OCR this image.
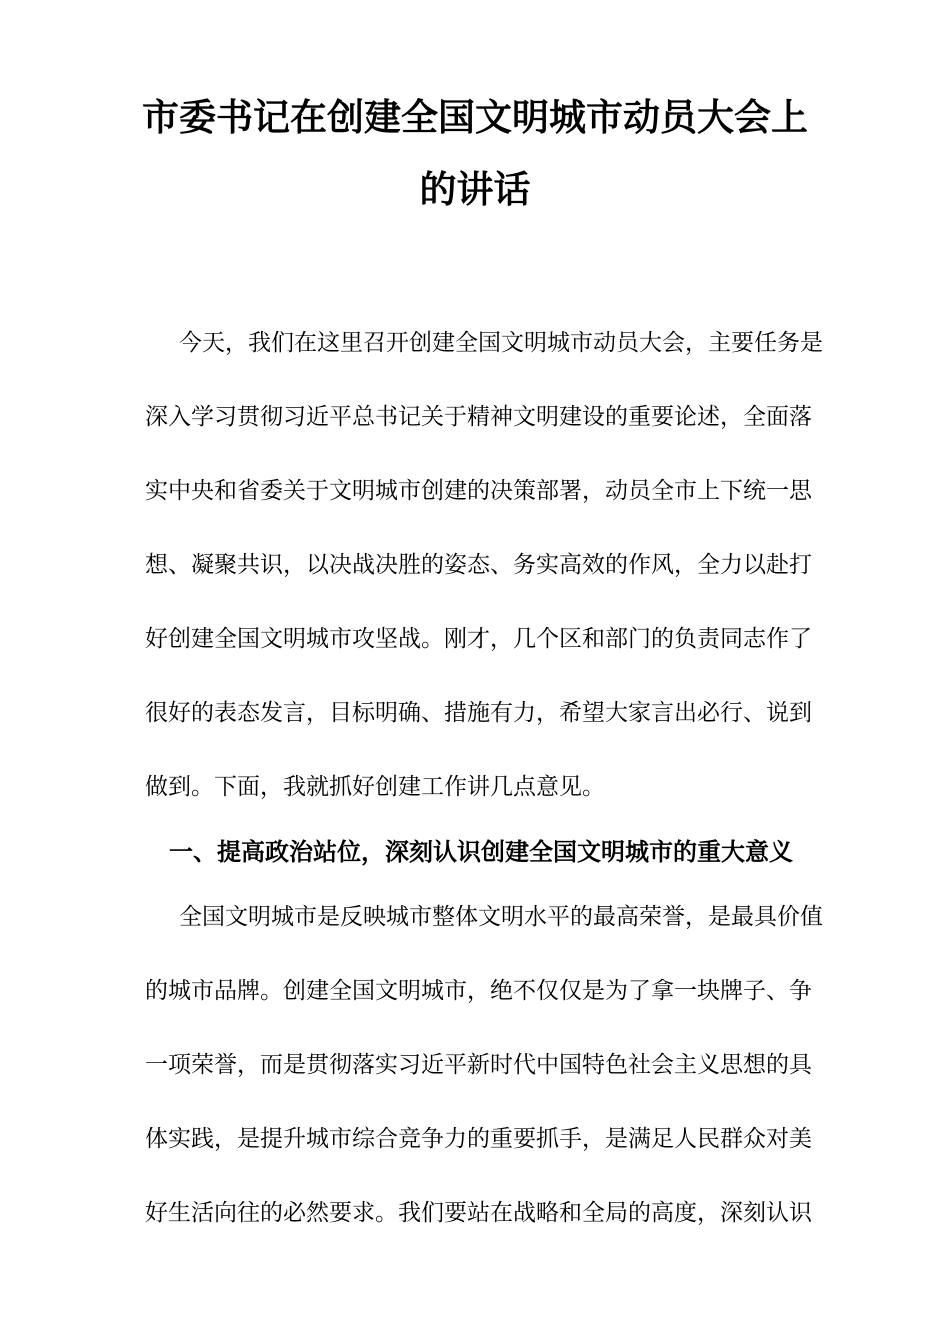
市委书记在创建全国文明城市动员大会上
的讲话
今天，我们在这里召开创建全国文明城市动员大会，主要任务是
深入学习贯彻习近平总书记关于精神文明建设的重要论述，全面落
实中央和省委关于文明城市创建的决策部署，动员全市上下统一思
想、凝聚共识，以决战决胜的姿态、务实高效的作风，全力以赴打
好创建全国文明城市攻坚战。刚才，几个区和部门的负责同志作了
很好的表态发言，目标明确、措施有力，希望大家言出必行、说到
做到。下面，我就抓好创建工作讲几点意见。
一、提高政治站位，深刻认识创建全国文明城市的重大意义
全国文明城市是反映城市整体文明水平的最高荣誉，是最具价值
的城市品牌。创建全国文明城市，绝不仅仅是为了拿一块牌子、争
一项荣誉，而是贯彻落实习近平新时代中国特色社会主义思想的具
体实践，是提升城市综合竞争力的重要抓手，是满足人民群众对美
好生活向往的必然要求。我们要站在战略和全局的高度，深刻认识
